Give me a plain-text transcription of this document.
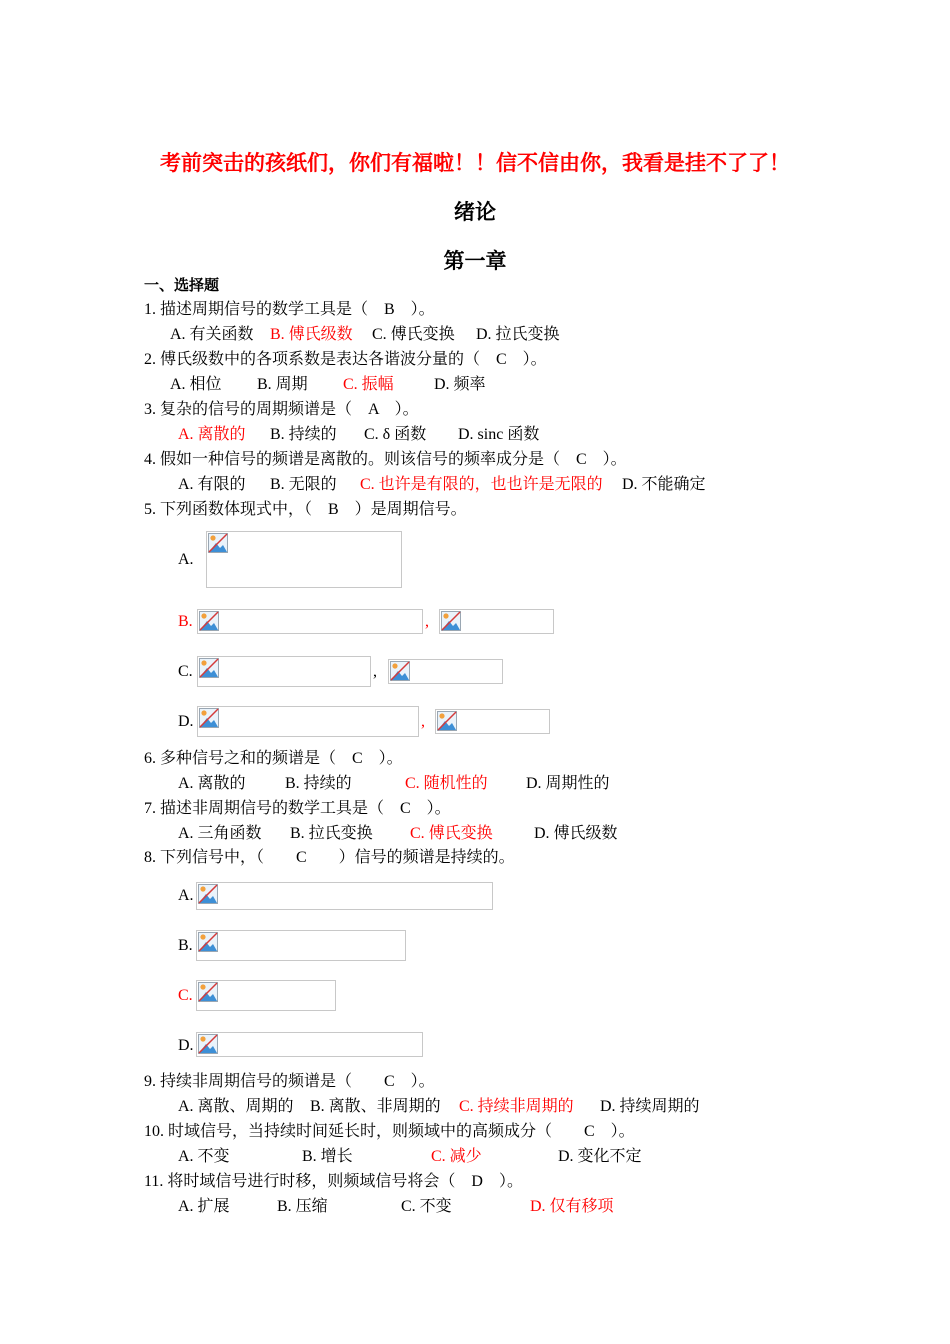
考前突击的孩纸们，你们有福啦！！信不信由你，我看是挂不了了！
绪论
第一章
一、选择题
1. 描述周期信号的数学工具是（　B　）。
A. 有关函数 B. 傅氏级数 C. 傅氏变换 D. 拉氏变换
2. 傅氏级数中的各项系数是表达各谐波分量的（　C　）。
A. 相位 B. 周期 C. 振幅	D. 频率
3. 复杂的信号的周期频谱是（　A　）。
A. 离散的 B. 持续的 C. δ 函数 D. sinc 函数
4. 假如一种信号的频谱是离散的。则该信号的频率成分是（　C　）。
A. 有限的 B. 无限的 C. 也许是有限的，也也许是无限的 D. 不能确定
5. 下列函数体现式中，（　B　）是周期信号。
A.
B.	,
C.	,
D.	,
6. 多种信号之和的频谱是（　C　）。
A. 离散的 B. 持续的	C. 随机性的 D. 周期性的
7. 描述非周期信号的数学工具是（　C　）。
A. 三角函数 B. 拉氏变换 C. 傅氏变换	D. 傅氏级数
8. 下列信号中，（　　C　　）信号的频谱是持续的。
A.
B.
C.
D.
9. 持续非周期信号的频谱是（　　C　）。
A. 离散、周期的 B. 离散、非周期的 C. 持续非周期的 D. 持续周期的
10. 时域信号，当持续时间延长时，则频域中的高频成分（　　C　）。
A. 不变	B. 增长	C. 减少	D. 变化不定
11. 将时域信号进行时移，则频域信号将会（　D　）。
A. 扩展	B. 压缩	C. 不变	D. 仅有移项
